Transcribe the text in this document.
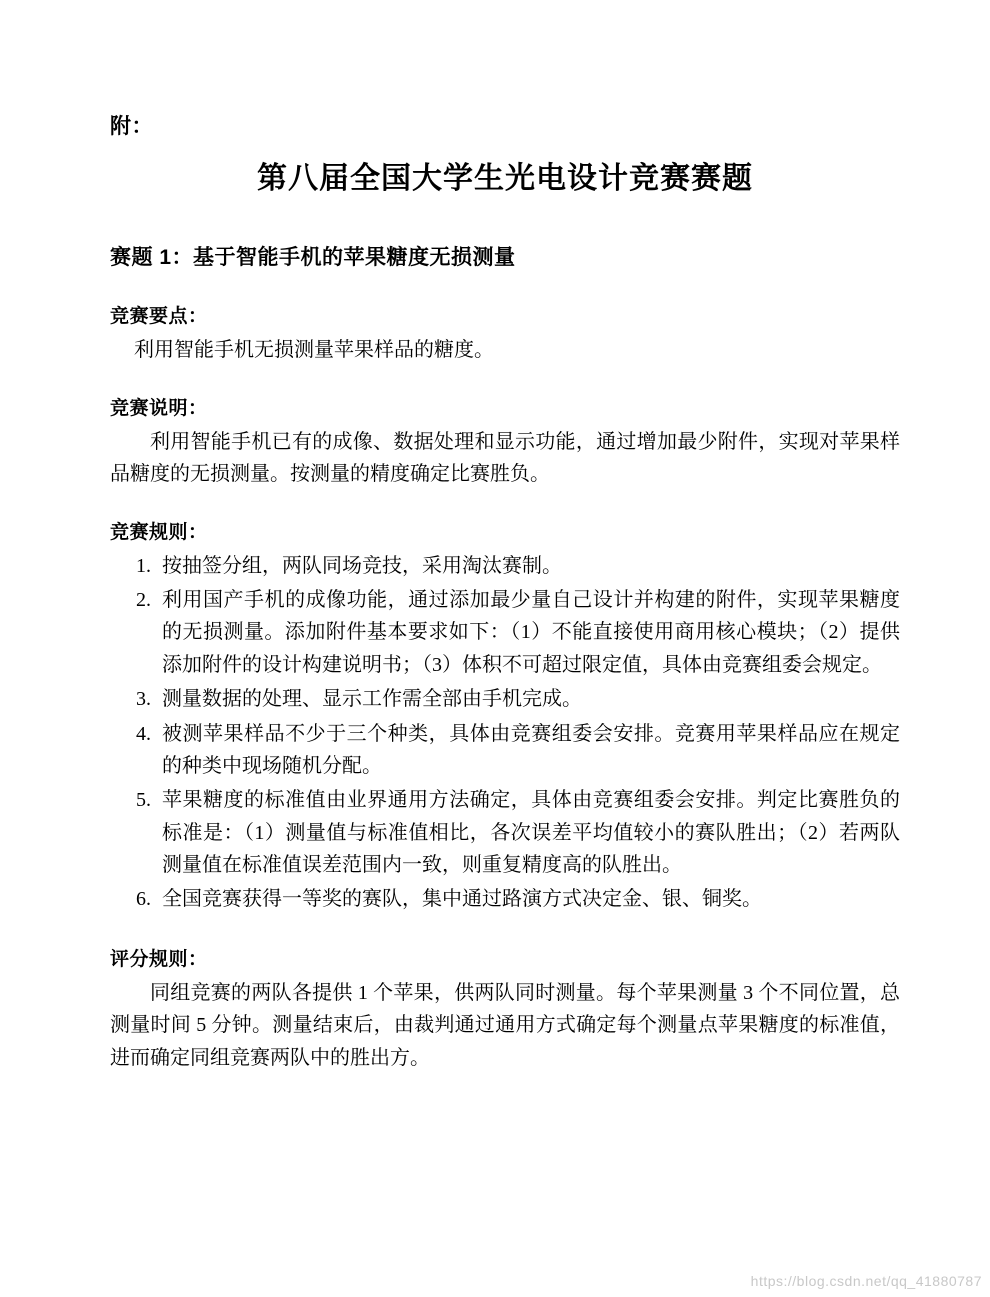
附：
第八届全国大学生光电设计竞赛赛题
赛题 1：基于智能手机的苹果糖度无损测量
竞赛要点：
利用智能手机无损测量苹果样品的糖度。
竞赛说明：
利用智能手机已有的成像、数据处理和显示功能，通过增加最少附件，实现对苹果样品糖度的无损测量。按测量的精度确定比赛胜负。
竞赛规则：
1. 按抽签分组，两队同场竞技，采用淘汰赛制。
2. 利用国产手机的成像功能，通过添加最少量自己设计并构建的附件，实现苹果糖度的无损测量。添加附件基本要求如下：（1）不能直接使用商用核心模块；（2）提供添加附件的设计构建说明书；（3）体积不可超过限定值，具体由竞赛组委会规定。
3. 测量数据的处理、显示工作需全部由手机完成。
4. 被测苹果样品不少于三个种类，具体由竞赛组委会安排。竞赛用苹果样品应在规定的种类中现场随机分配。
5. 苹果糖度的标准值由业界通用方法确定，具体由竞赛组委会安排。判定比赛胜负的标准是：（1）测量值与标准值相比，各次误差平均值较小的赛队胜出；（2）若两队测量值在标准值误差范围内一致，则重复精度高的队胜出。
6. 全国竞赛获得一等奖的赛队，集中通过路演方式决定金、银、铜奖。
评分规则：
同组竞赛的两队各提供 1 个苹果，供两队同时测量。每个苹果测量 3 个不同位置，总测量时间 5 分钟。测量结束后，由裁判通过通用方式确定每个测量点苹果糖度的标准值，进而确定同组竞赛两队中的胜出方。
https://blog.csdn.net/qq_41880787
